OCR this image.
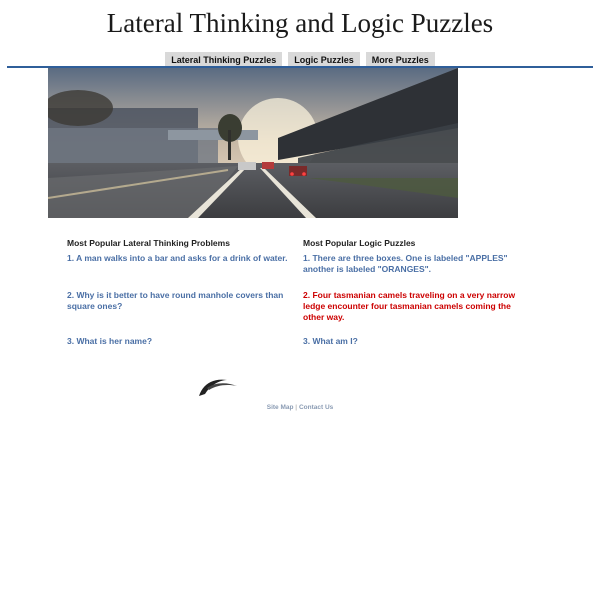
Lateral Thinking and Logic Puzzles
Lateral Thinking Puzzles Logic Puzzles More Puzzles
Most Popular Lateral Thinking Problems
1. A man walks into a bar and asks for a drink of water.
2. Why is it better to have round manhole covers than square ones?
3. What is her name?
Most Popular Logic Puzzles
1. There are three boxes. One is labeled "APPLES" another is labeled "ORANGES".
2. Four tasmanian camels traveling on a very narrow ledge encounter four tasmanian camels coming the other way.
3. What am I?
Site Map | Contact Us
